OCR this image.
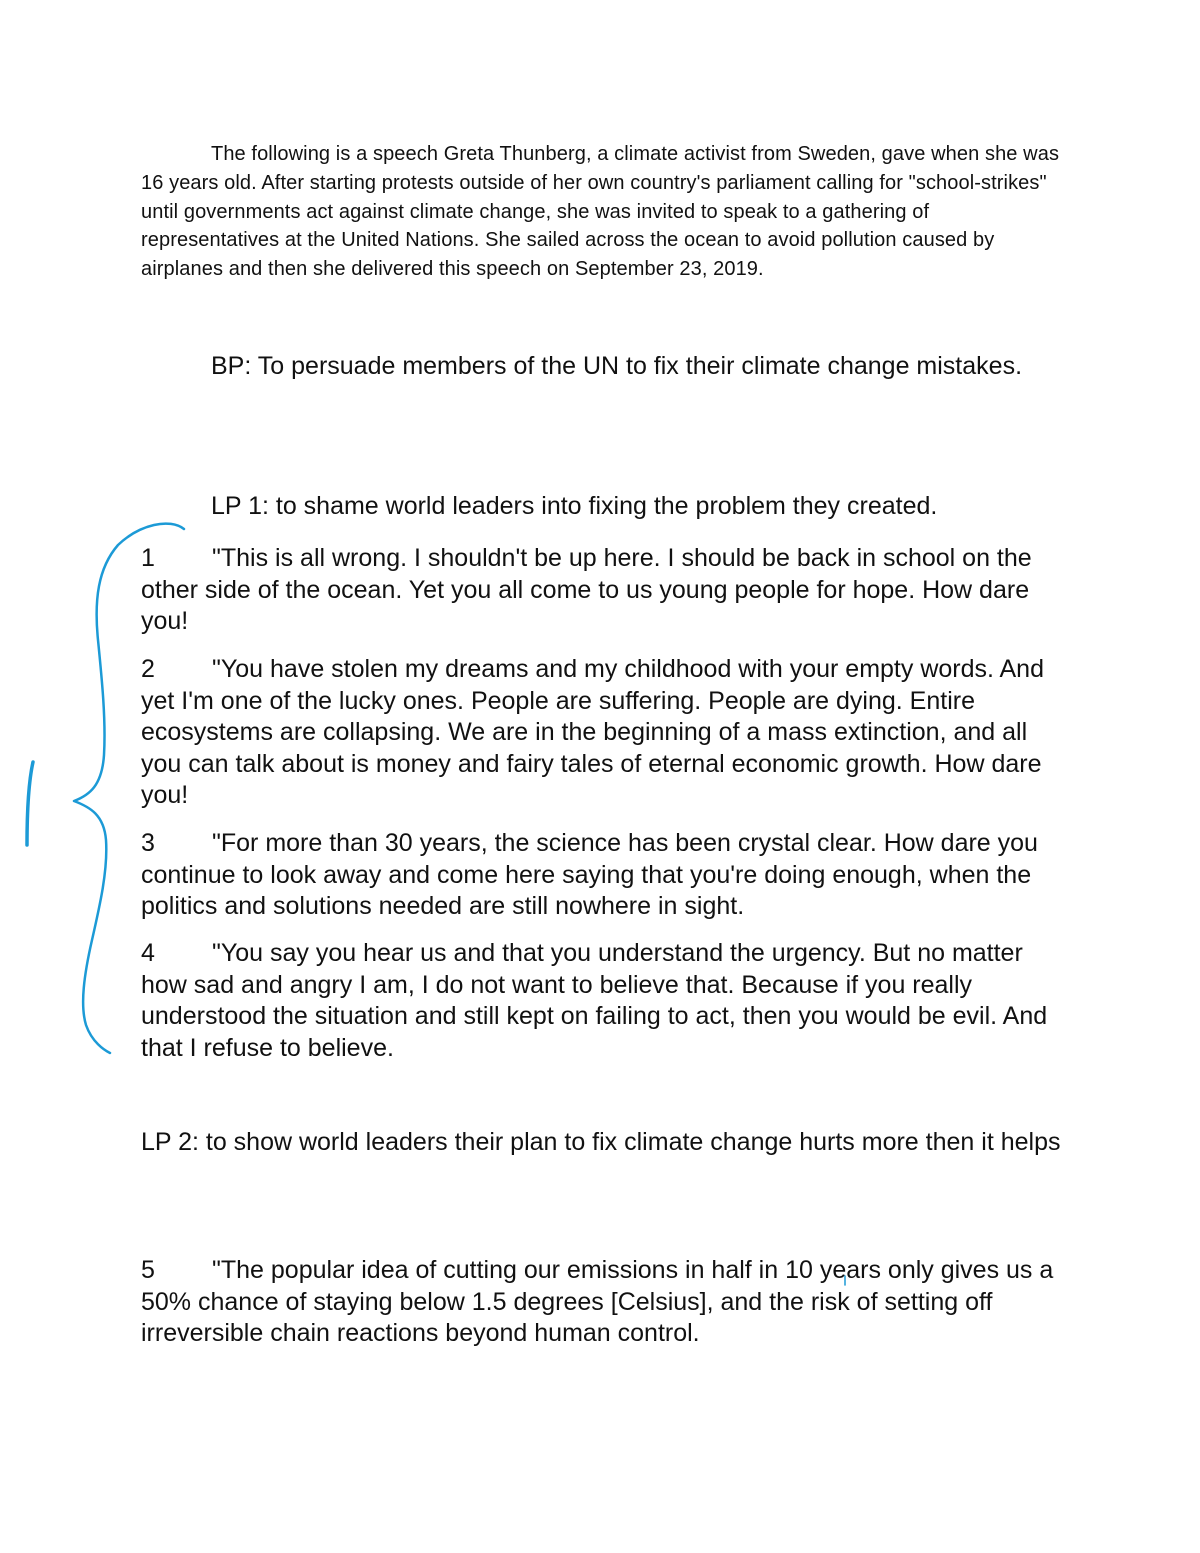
The following is a speech Greta Thunberg, a climate activist from Sweden, gave when she was 16 years old. After starting protests outside of her own country's parliament calling for "school-strikes" until governments act against climate change, she was invited to speak to a gathering of representatives at the United Nations. She sailed across the ocean to avoid pollution caused by airplanes and then she delivered this speech on September 23, 2019.

BP: To persuade members of the UN to fix their climate change mistakes.

LP 1: to shame world leaders into fixing the problem they created.

1 "This is all wrong. I shouldn't be up here. I should be back in school on the other side of the ocean. Yet you all come to us young people for hope. How dare you!

2 "You have stolen my dreams and my childhood with your empty words. And yet I'm one of the lucky ones. People are suffering. People are dying. Entire ecosystems are collapsing. We are in the beginning of a mass extinction, and all you can talk about is money and fairy tales of eternal economic growth. How dare you!

3 "For more than 30 years, the science has been crystal clear. How dare you continue to look away and come here saying that you're doing enough, when the politics and solutions needed are still nowhere in sight.

4 "You say you hear us and that you understand the urgency. But no matter how sad and angry I am, I do not want to believe that. Because if you really understood the situation and still kept on failing to act, then you would be evil. And that I refuse to believe.

LP 2: to show world leaders their plan to fix climate change hurts more then it helps

5 "The popular idea of cutting our emissions in half in 10 years only gives us a 50% chance of staying below 1.5 degrees [Celsius], and the risk of setting off irreversible chain reactions beyond human control.
